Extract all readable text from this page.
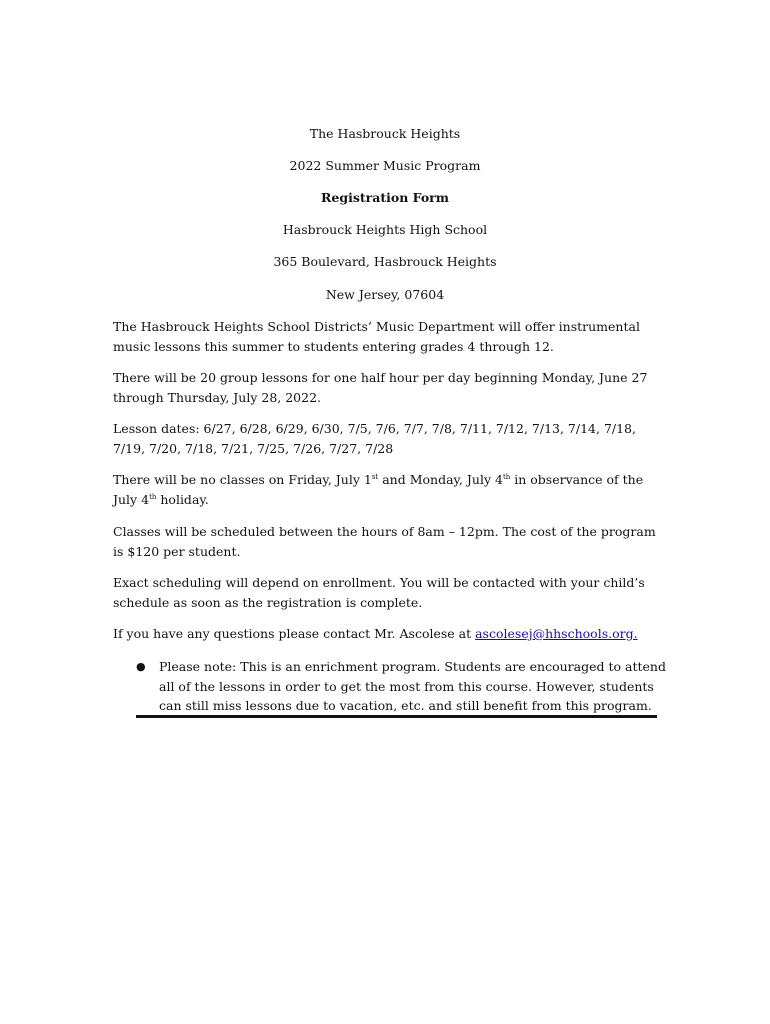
The Hasbrouck Heights
2022 Summer Music Program
Registration Form
Hasbrouck Heights High School
365 Boulevard, Hasbrouck Heights
New Jersey, 07604

The Hasbrouck Heights School Districts’ Music Department will offer instrumental music lessons this summer to students entering grades 4 through 12.

There will be 20 group lessons for one half hour per day beginning Monday, June 27 through Thursday, July 28, 2022.

Lesson dates: 6/27, 6/28, 6/29, 6/30, 7/5, 7/6, 7/7, 7/8, 7/11, 7/12, 7/13, 7/14, 7/18, 7/19, 7/20, 7/18, 7/21, 7/25, 7/26, 7/27, 7/28

There will be no classes on Friday, July 1st and Monday, July 4th in observance of the July 4th holiday.

Classes will be scheduled between the hours of 8am – 12pm. The cost of the program is $120 per student.

Exact scheduling will depend on enrollment. You will be contacted with your child’s schedule as soon as the registration is complete.

If you have any questions please contact Mr. Ascolese at ascolesej@hhschools.org.

●	Please note: This is an enrichment program. Students are encouraged to attend all of the lessons in order to get the most from this course. However, students can still miss lessons due to vacation, etc. and still benefit from this program.
